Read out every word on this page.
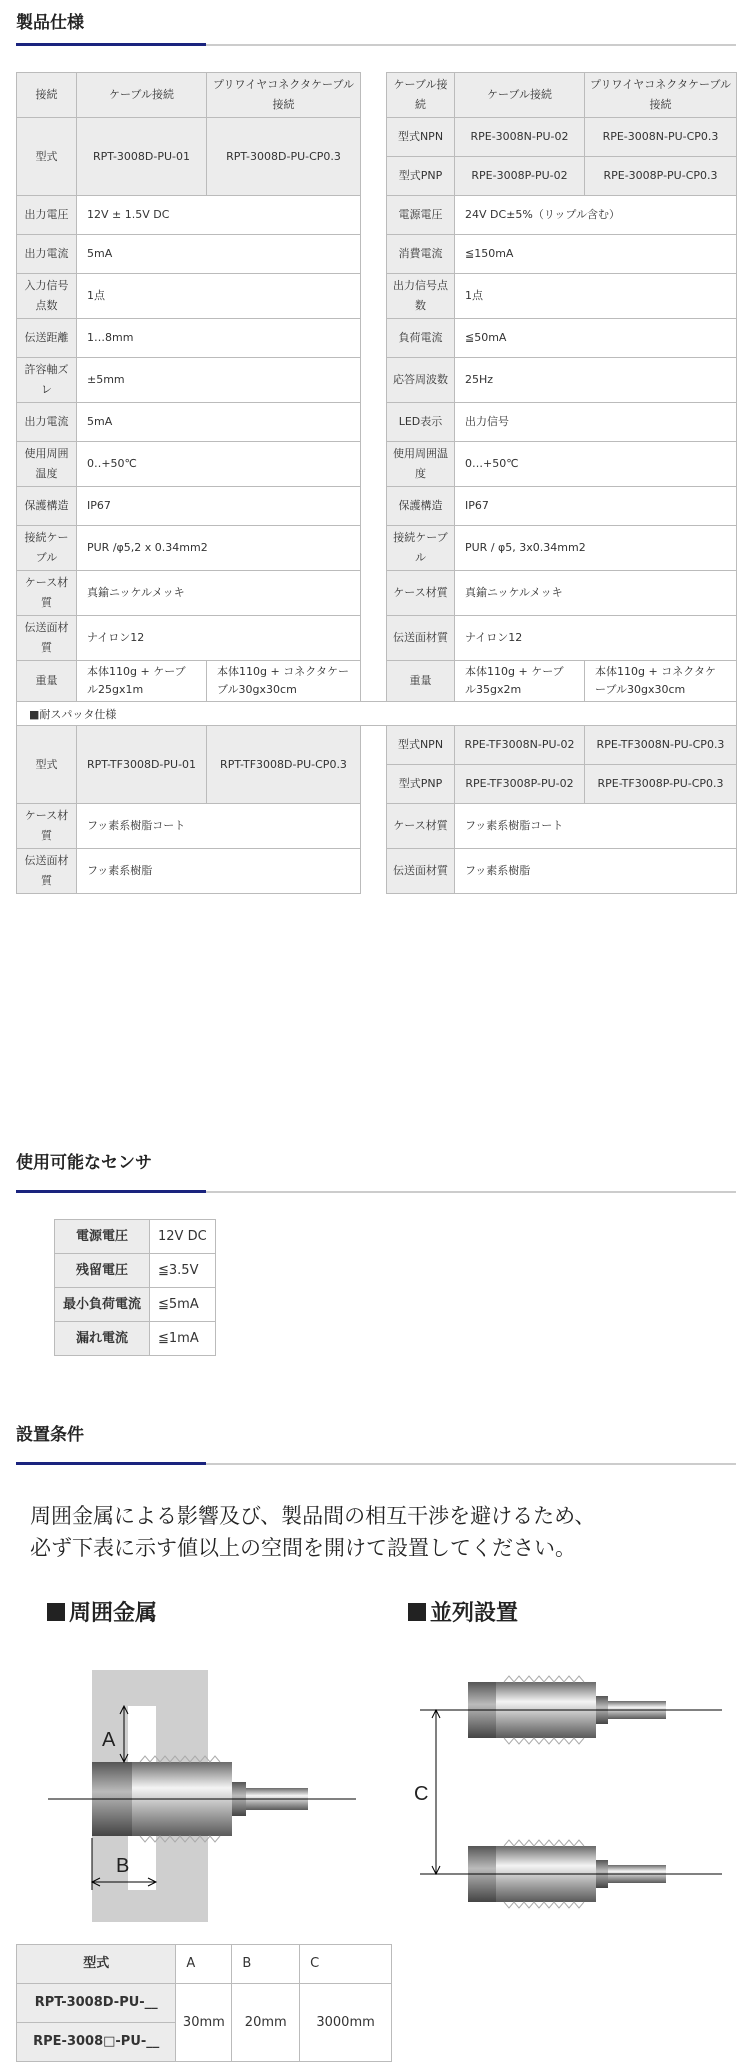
製品仕様
接続	ケーブル接続	プリワイヤコネクタケーブル接続		ケーブル接続	ケーブル接続	プリワイヤコネクタケーブル接続
型式	RPT-3008D-PU-01	RPT-3008D-PU-CP0.3		型式NPN	RPE-3008N-PU-02	RPE-3008N-PU-CP0.3
				型式PNP	RPE-3008P-PU-02	RPE-3008P-PU-CP0.3
出力電圧	12V ± 1.5V DC			電源電圧	24V DC±5%（リップル含む）	
出力電流	5mA			消費電流	≦150mA	
入力信号点数	1点			出力信号点数	1点	
伝送距離	1…8mm			負荷電流	≦50mA	
許容軸ズレ	±5mm			応答周波数	25Hz	
出力電流	5mA			LED表示	出力信号	
使用周囲温度	0‥+50℃			使用周囲温度	0…+50℃	
保護構造	IP67			保護構造	IP67	
接続ケーブル	PUR /φ5,2 x 0.34mm2			接続ケーブル	PUR / φ5, 3x0.34mm2	
ケース材質	真鍮ニッケルメッキ			ケース材質	真鍮ニッケルメッキ	
伝送面材質	ナイロン12			伝送面材質	ナイロン12	
重量	本体110g + ケーブル25gx1m	本体110g + コネクタケーブル30gx30cm		重量	本体110g + ケーブル35gx2m	本体110g + コネクタケーブル30gx30cm
■耐スパッタ仕様						
型式	RPT-TF3008D-PU-01	RPT-TF3008D-PU-CP0.3		型式NPN	RPE-TF3008N-PU-02	RPE-TF3008N-PU-CP0.3
				型式PNP	RPE-TF3008P-PU-02	RPE-TF3008P-PU-CP0.3
ケース材質	フッ素系樹脂コート			ケース材質	フッ素系樹脂コート	
伝送面材質	フッ素系樹脂			伝送面材質	フッ素系樹脂	
使用可能なセンサ
電源電圧	12V DC
残留電圧	≦3.5V
最小負荷電流	≦5mA
漏れ電流	≦1mA
設置条件
周囲金属による影響及び、製品間の相互干渉を避けるため、
必ず下表に示す値以上の空間を開けて設置してください。
周囲金属	並列設置
A
B
C
型式	A	B	C
RPT-3008D-PU-__	30mm	20mm	3000mm
RPE-3008□-PU-__			
